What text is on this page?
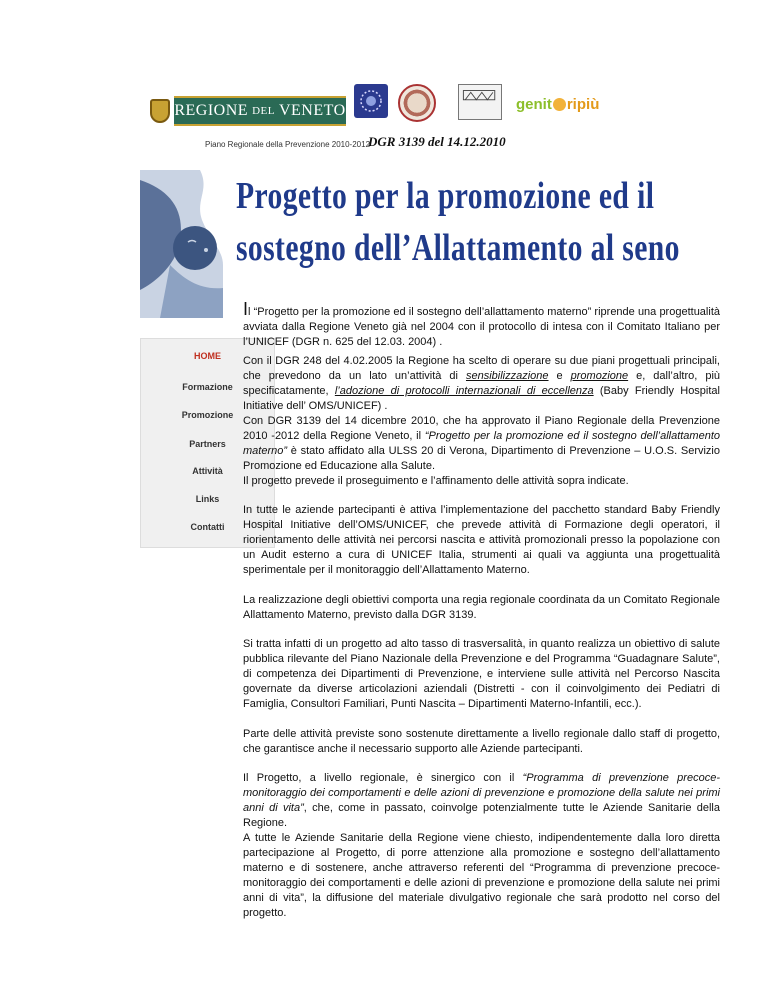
REGIONE DEL VENETO	genit ripiù
Piano Regionale della Prevenzione 2010-2012
DGR 3139 del 14.12.2010
Progetto per la promozione ed il
sostegno dell’Allattamento al seno
HOME
Formazione
Promozione
Partners
Attività
Links
Contatti

Il “Progetto per la promozione ed il sostegno dell’allattamento materno” riprende una progettualità avviata dalla Regione Veneto già nel 2004 con il protocollo di intesa con il Comitato Italiano per l’UNICEF (DGR n. 625 del 12.03. 2004) .

Con il DGR 248 del 4.02.2005 la Regione ha scelto di operare su due piani progettuali principali, che prevedono da un lato un’attività di sensibilizzazione e promozione e, dall’altro, più specificatamente, l’adozione di protocolli internazionali di eccellenza (Baby Friendly Hospital Initiative dell’ OMS/UNICEF) .

Con DGR 3139 del 14 dicembre 2010, che ha approvato il Piano Regionale della Prevenzione 2010 -2012 della Regione Veneto, il “Progetto per la promozione ed il sostegno dell’allattamento materno” è stato affidato alla ULSS 20 di Verona, Dipartimento di Prevenzione – U.O.S. Servizio Promozione ed Educazione alla Salute.

Il progetto prevede il proseguimento e l’affinamento delle attività sopra indicate.

In tutte le aziende partecipanti è attiva l’implementazione del pacchetto standard Baby Friendly Hospital Initiative dell’OMS/UNICEF, che prevede attività di Formazione degli operatori, il riorientamento delle attività nei percorsi nascita e attività promozionali presso la popolazione con un Audit esterno a cura di UNICEF Italia, strumenti ai quali va aggiunta una progettualità sperimentale per il monitoraggio dell’Allattamento Materno.

La realizzazione degli obiettivi comporta una regia regionale coordinata da un Comitato Regionale Allattamento Materno, previsto dalla DGR 3139.

Si tratta infatti di un progetto ad alto tasso di trasversalità, in quanto realizza un obiettivo di salute pubblica rilevante del Piano Nazionale della Prevenzione e del Programma “Guadagnare Salute”, di competenza dei Dipartimenti di Prevenzione, e interviene sulle attività nel Percorso Nascita governate da diverse articolazioni aziendali (Distretti - con il coinvolgimento dei Pediatri di Famiglia, Consultori Familiari, Punti Nascita – Dipartimenti Materno-Infantili, ecc.).

Parte delle attività previste sono sostenute direttamente a livello regionale dallo staff di progetto, che garantisce anche il necessario supporto alle Aziende partecipanti.

Il Progetto, a livello regionale, è sinergico con il “Programma di prevenzione precoce-monitoraggio dei comportamenti e delle azioni di prevenzione e promozione della salute nei primi anni di vita”, che, come in passato, coinvolge potenzialmente tutte le Aziende Sanitarie della Regione.

A tutte le Aziende Sanitarie della Regione viene chiesto, indipendentemente dalla loro diretta partecipazione al Progetto, di porre attenzione alla promozione e sostegno dell’allattamento materno e di sostenere, anche attraverso referenti del “Programma di prevenzione precoce- monitoraggio dei comportamenti e delle azioni di prevenzione e promozione della salute nei primi anni di vita”, la diffusione del materiale divulgativo regionale che sarà prodotto nel corso del progetto.
